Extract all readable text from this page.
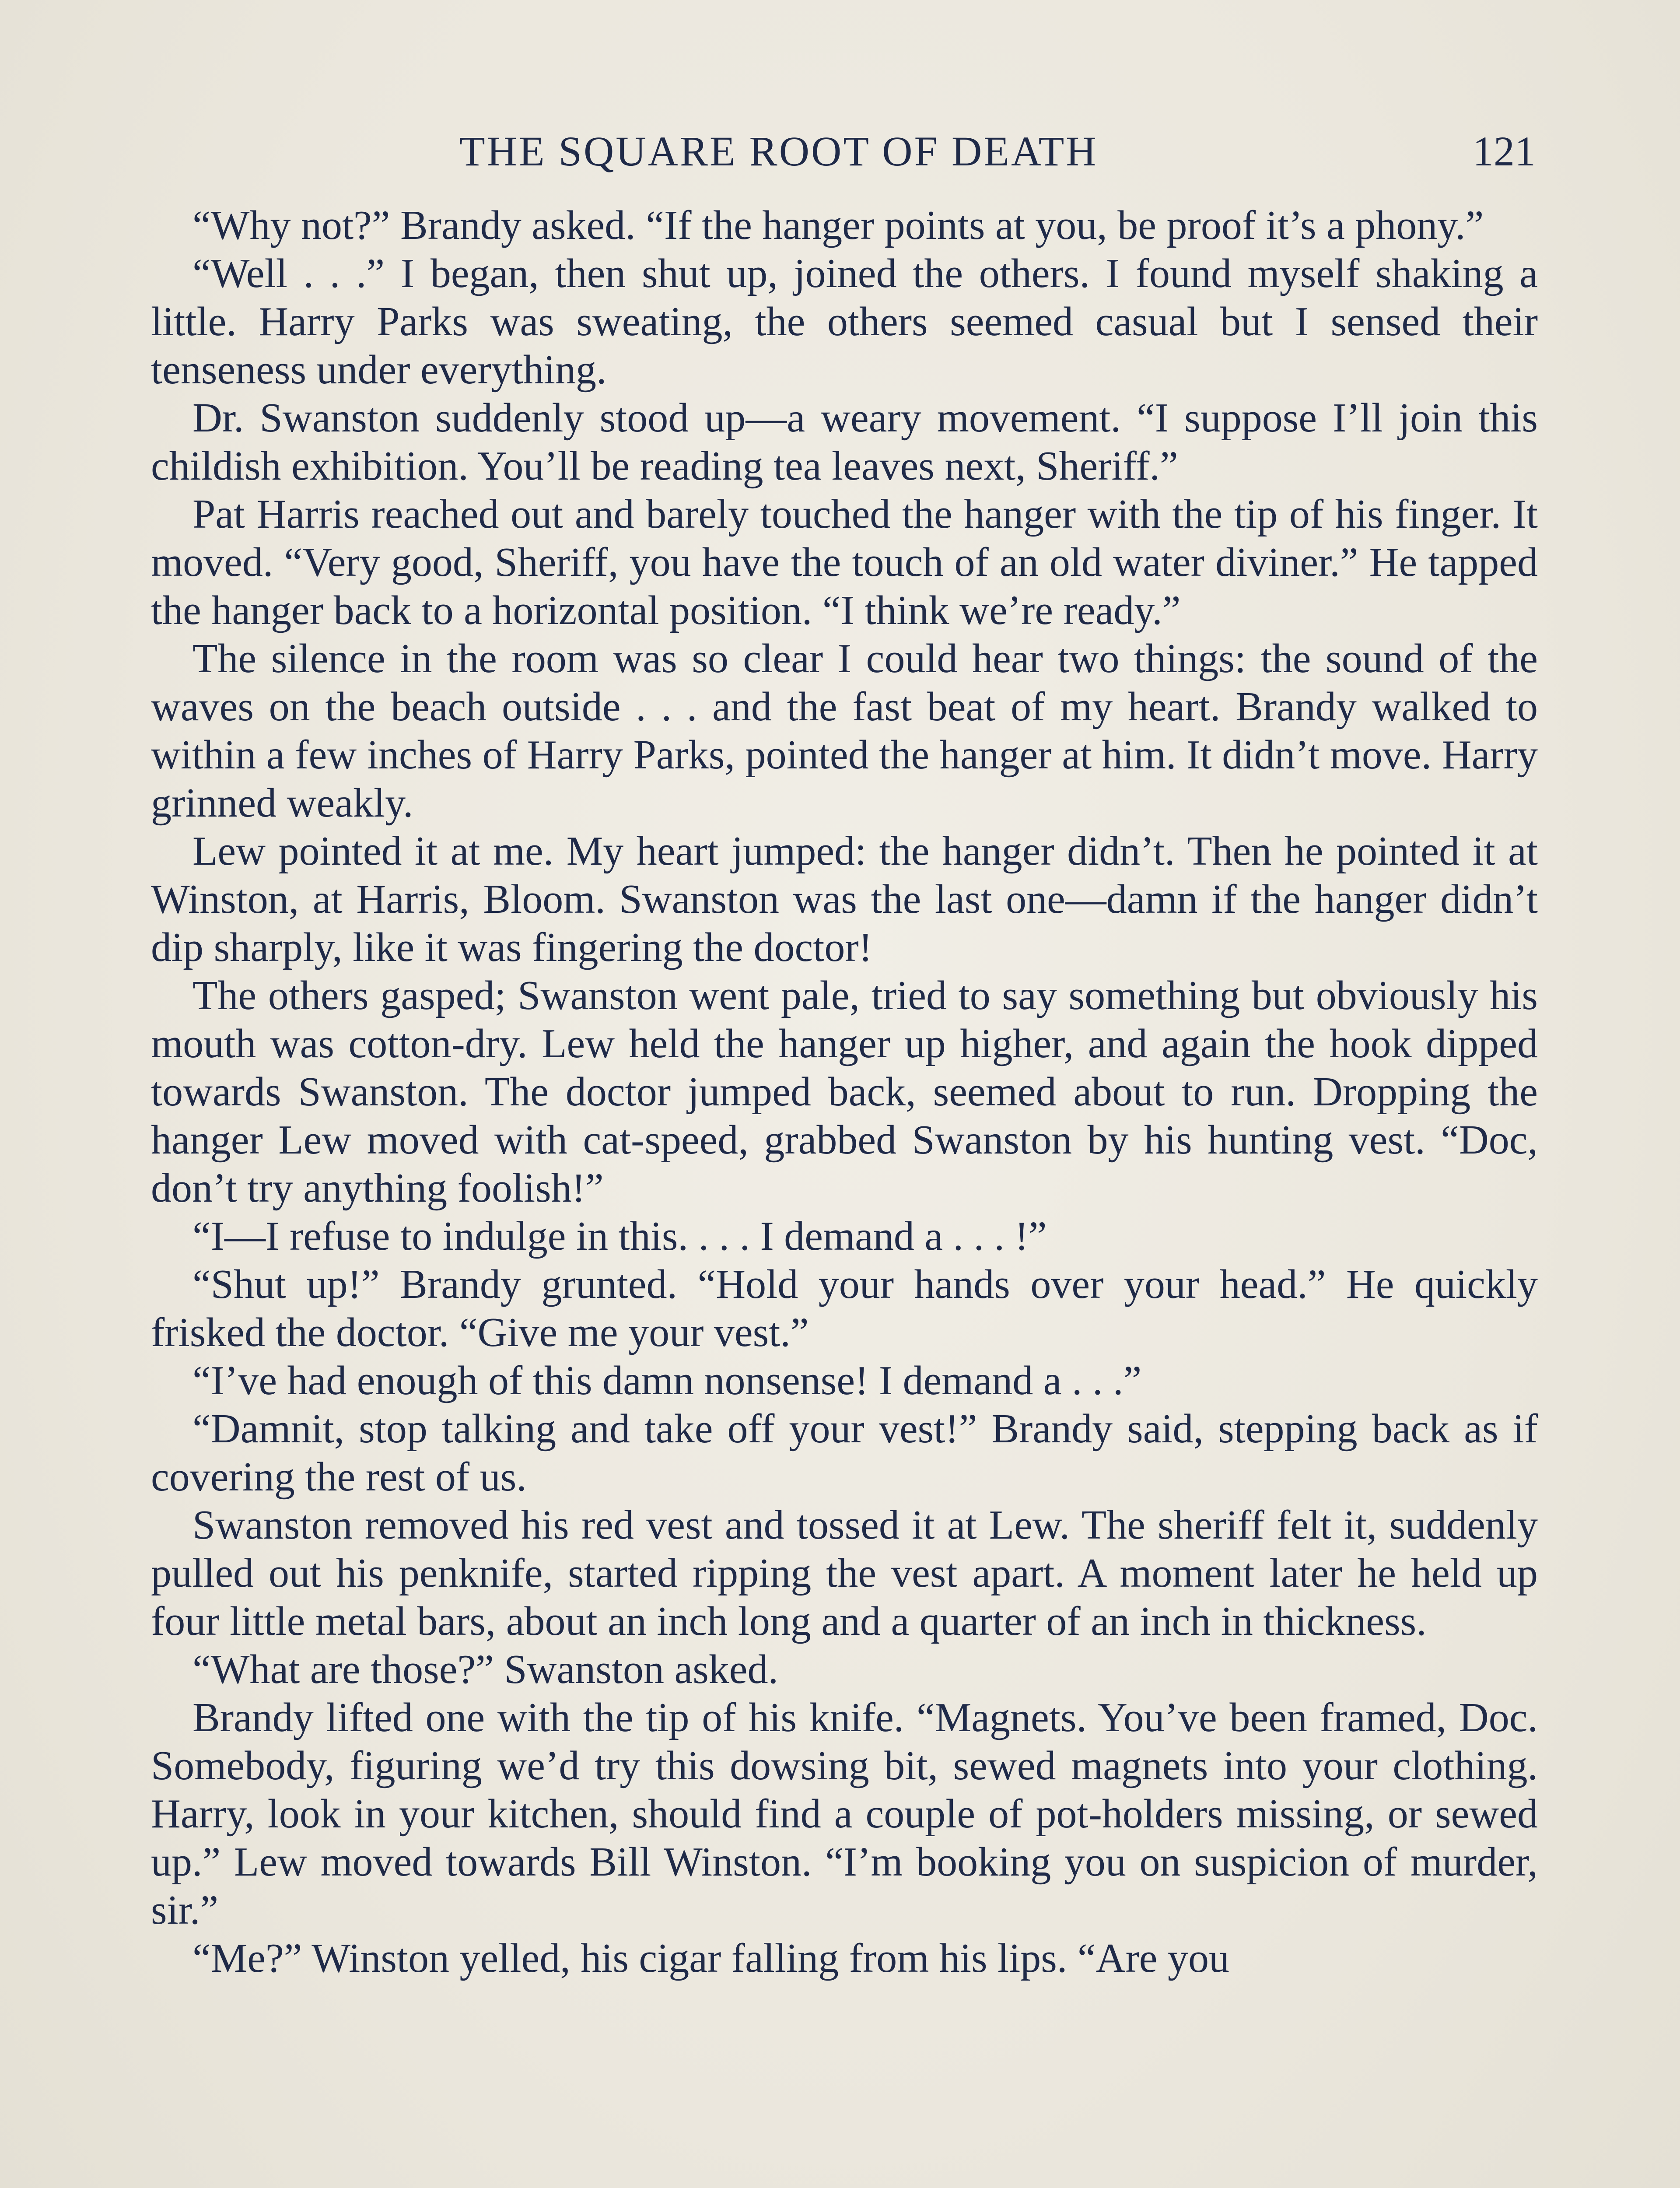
THE SQUARE ROOT OF DEATH	121

“Why not?” Brandy asked. “If the hanger points at you, be proof it’s a phony.”

“Well . . .” I began, then shut up, joined the others. I found myself shaking a little. Harry Parks was sweating, the others seemed casual but I sensed their tenseness under everything.

Dr. Swanston suddenly stood up—a weary movement. “I suppose I’ll join this childish exhibition. You’ll be reading tea leaves next, Sheriff.”

Pat Harris reached out and barely touched the hanger with the tip of his finger. It moved. “Very good, Sheriff, you have the touch of an old water diviner.” He tapped the hanger back to a horizontal position. “I think we’re ready.”

The silence in the room was so clear I could hear two things: the sound of the waves on the beach outside . . . and the fast beat of my heart. Brandy walked to within a few inches of Harry Parks, pointed the hanger at him. It didn’t move. Harry grinned weakly.

Lew pointed it at me. My heart jumped: the hanger didn’t. Then he pointed it at Winston, at Harris, Bloom. Swanston was the last one—damn if the hanger didn’t dip sharply, like it was fingering the doctor!

The others gasped; Swanston went pale, tried to say something but obviously his mouth was cotton-dry. Lew held the hanger up higher, and again the hook dipped towards Swanston. The doctor jumped back, seemed about to run. Dropping the hanger Lew moved with cat-speed, grabbed Swanston by his hunting vest. “Doc, don’t try anything foolish!”

“I—I refuse to indulge in this. . . . I demand a . . . !”

“Shut up!” Brandy grunted. “Hold your hands over your head.” He quickly frisked the doctor. “Give me your vest.”

“I’ve had enough of this damn nonsense! I demand a . . .”

“Damnit, stop talking and take off your vest!” Brandy said, stepping back as if covering the rest of us.

Swanston removed his red vest and tossed it at Lew. The sheriff felt it, suddenly pulled out his penknife, started ripping the vest apart. A moment later he held up four little metal bars, about an inch long and a quarter of an inch in thickness.

“What are those?” Swanston asked.

Brandy lifted one with the tip of his knife. “Magnets. You’ve been framed, Doc. Somebody, figuring we’d try this dowsing bit, sewed magnets into your clothing. Harry, look in your kitchen, should find a couple of pot-holders missing, or sewed up.” Lew moved towards Bill Winston. “I’m booking you on suspicion of murder, sir.”

“Me?” Winston yelled, his cigar falling from his lips. “Are you
